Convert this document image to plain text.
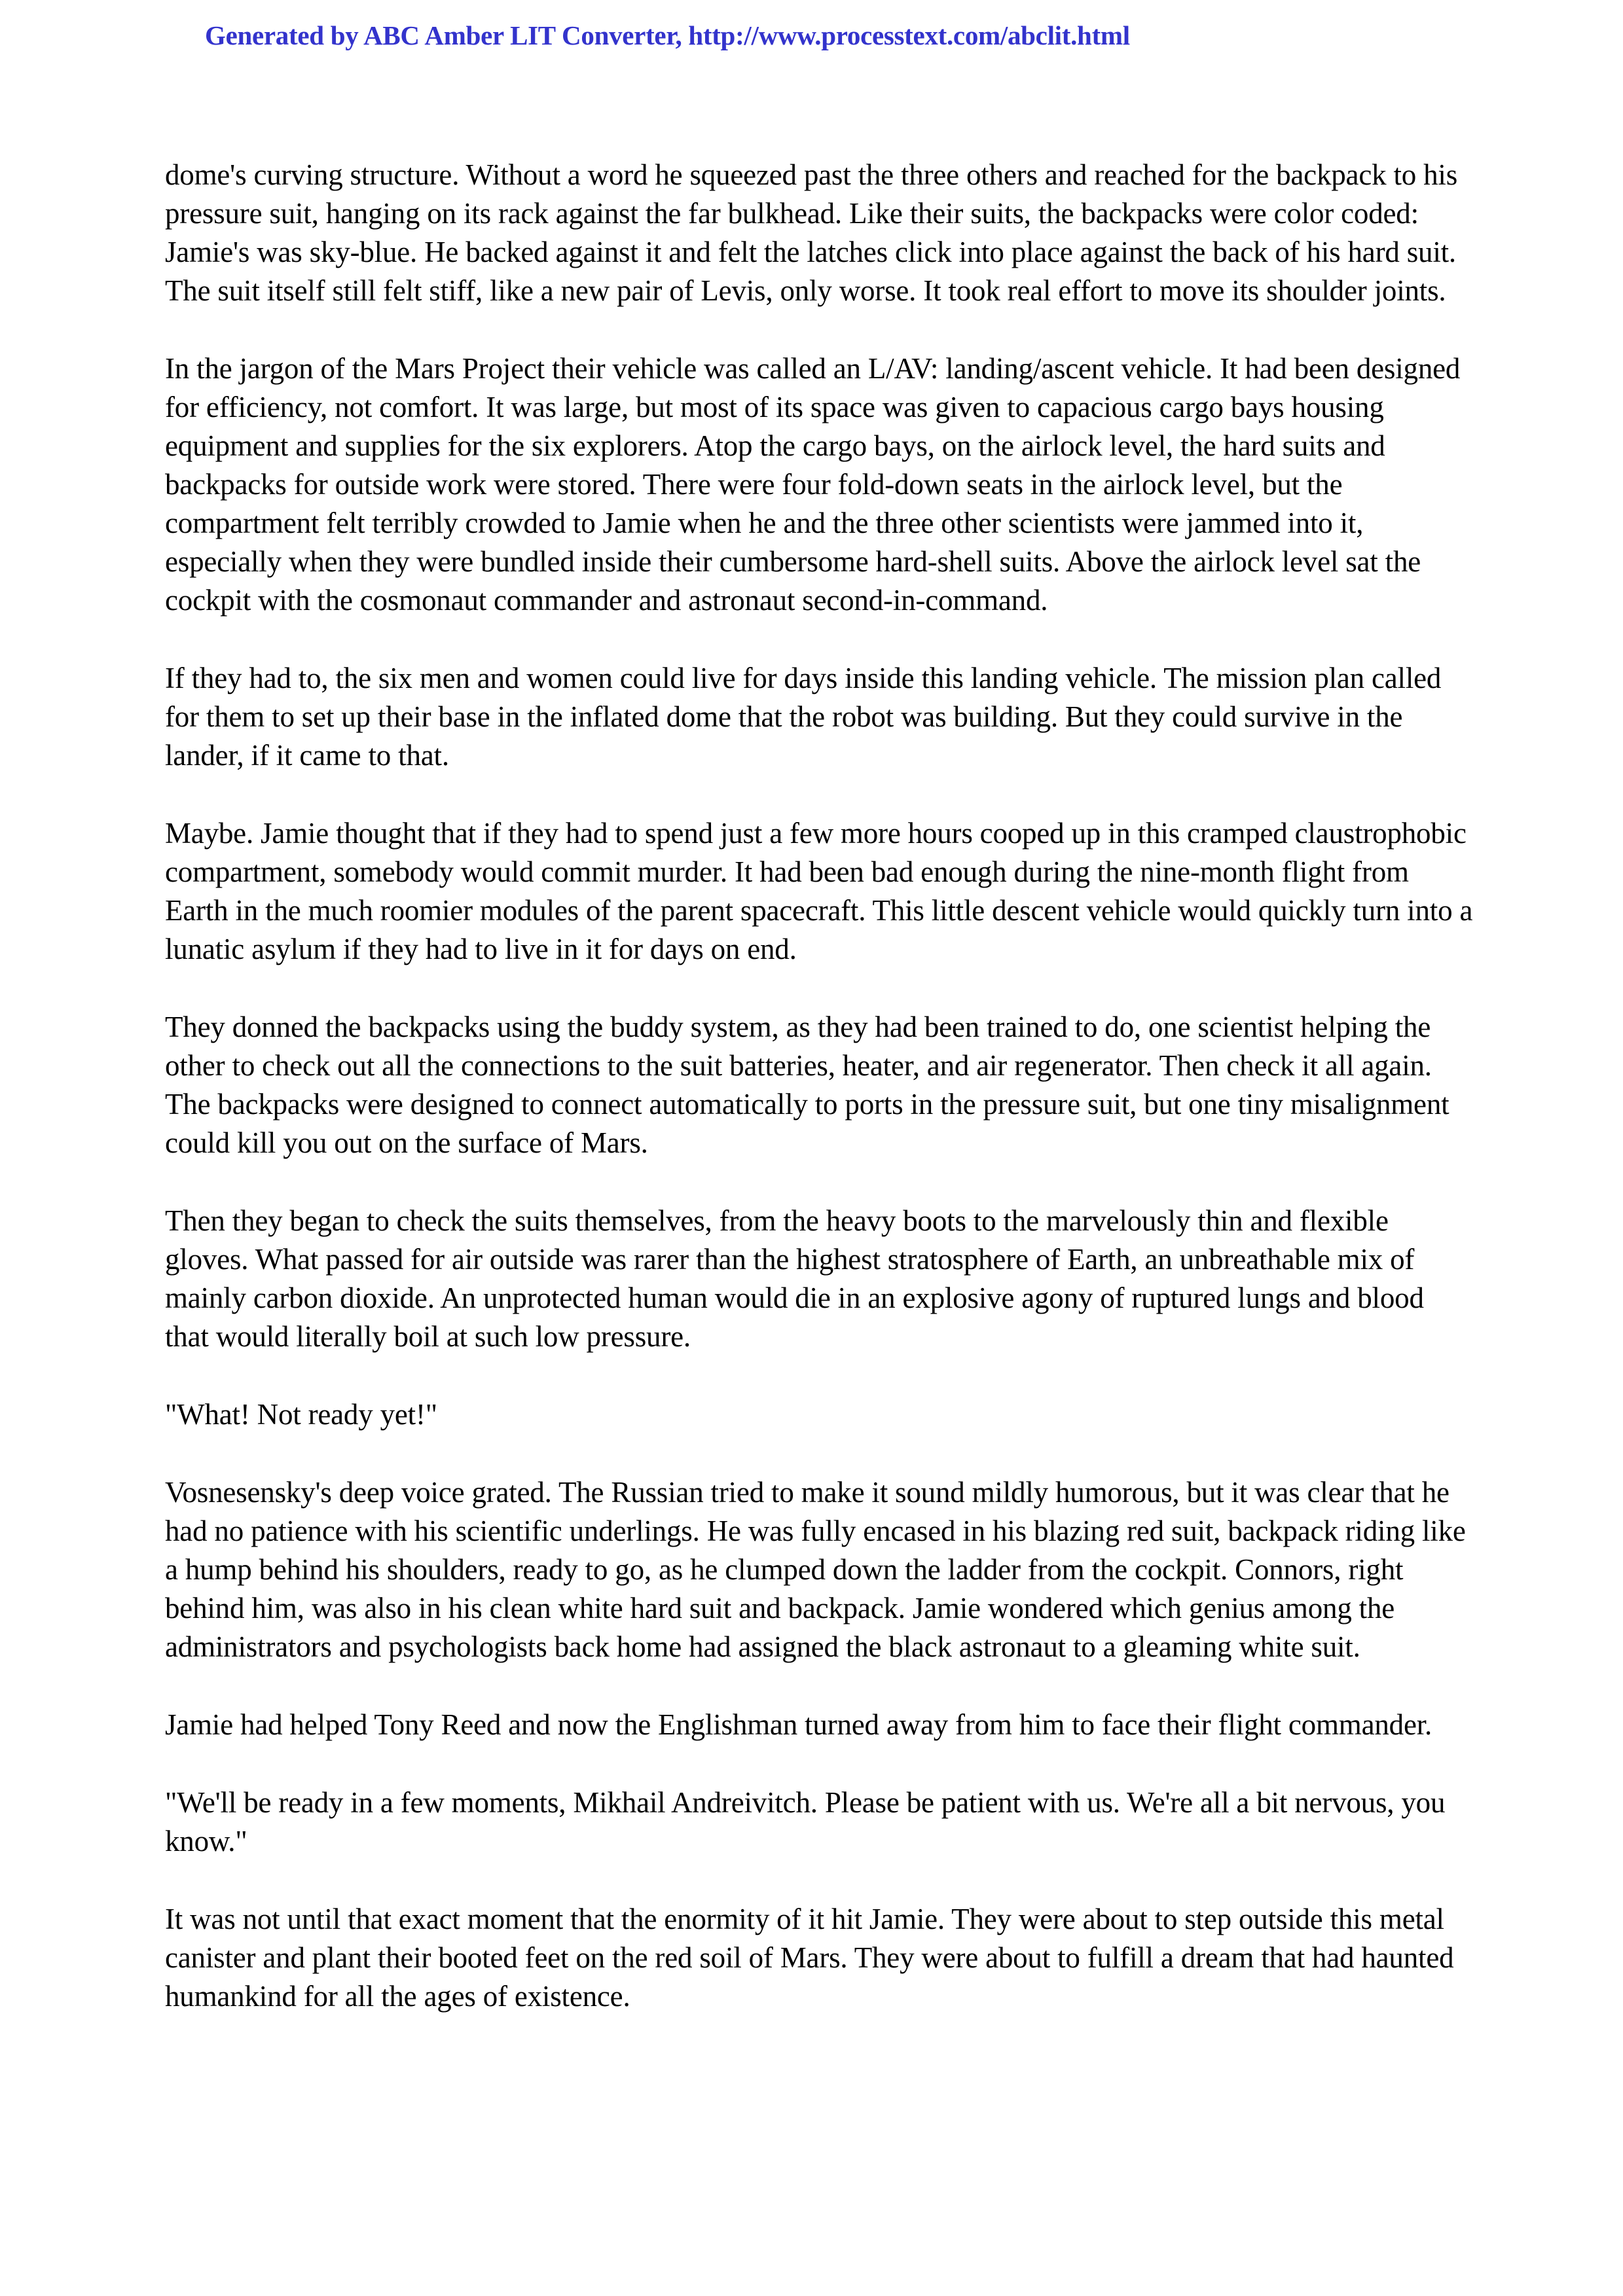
Generated by ABC Amber LIT Converter, http://www.processtext.com/abclit.html

dome's curving structure. Without a word he squeezed past the three others and reached for the backpack to his pressure suit, hanging on its rack against the far bulkhead. Like their suits, the backpacks were color coded: Jamie's was sky-blue. He backed against it and felt the latches click into place against the back of his hard suit. The suit itself still felt stiff, like a new pair of Levis, only worse. It took real effort to move its shoulder joints.

In the jargon of the Mars Project their vehicle was called an L/AV: landing/ascent vehicle. It had been designed for efficiency, not comfort. It was large, but most of its space was given to capacious cargo bays housing equipment and supplies for the six explorers. Atop the cargo bays, on the airlock level, the hard suits and backpacks for outside work were stored. There were four fold-down seats in the airlock level, but the compartment felt terribly crowded to Jamie when he and the three other scientists were jammed into it, especially when they were bundled inside their cumbersome hard-shell suits. Above the airlock level sat the cockpit with the cosmonaut commander and astronaut second-in-command.

If they had to, the six men and women could live for days inside this landing vehicle. The mission plan called for them to set up their base in the inflated dome that the robot was building. But they could survive in the lander, if it came to that.

Maybe. Jamie thought that if they had to spend just a few more hours cooped up in this cramped claustrophobic compartment, somebody would commit murder. It had been bad enough during the nine-month flight from Earth in the much roomier modules of the parent spacecraft. This little descent vehicle would quickly turn into a lunatic asylum if they had to live in it for days on end.

They donned the backpacks using the buddy system, as they had been trained to do, one scientist helping the other to check out all the connections to the suit batteries, heater, and air regenerator. Then check it all again. The backpacks were designed to connect automatically to ports in the pressure suit, but one tiny misalignment could kill you out on the surface of Mars.

Then they began to check the suits themselves, from the heavy boots to the marvelously thin and flexible gloves. What passed for air outside was rarer than the highest stratosphere of Earth, an unbreathable mix of mainly carbon dioxide. An unprotected human would die in an explosive agony of ruptured lungs and blood that would literally boil at such low pressure.

"What! Not ready yet!"

Vosnesensky's deep voice grated. The Russian tried to make it sound mildly humorous, but it was clear that he had no patience with his scientific underlings. He was fully encased in his blazing red suit, backpack riding like a hump behind his shoulders, ready to go, as he clumped down the ladder from the cockpit. Connors, right behind him, was also in his clean white hard suit and backpack. Jamie wondered which genius among the administrators and psychologists back home had assigned the black astronaut to a gleaming white suit.

Jamie had helped Tony Reed and now the Englishman turned away from him to face their flight commander.

"We'll be ready in a few moments, Mikhail Andreivitch. Please be patient with us. We're all a bit nervous, you know."

It was not until that exact moment that the enormity of it hit Jamie. They were about to step outside this metal canister and plant their booted feet on the red soil of Mars. They were about to fulfill a dream that had haunted humankind for all the ages of existence.
